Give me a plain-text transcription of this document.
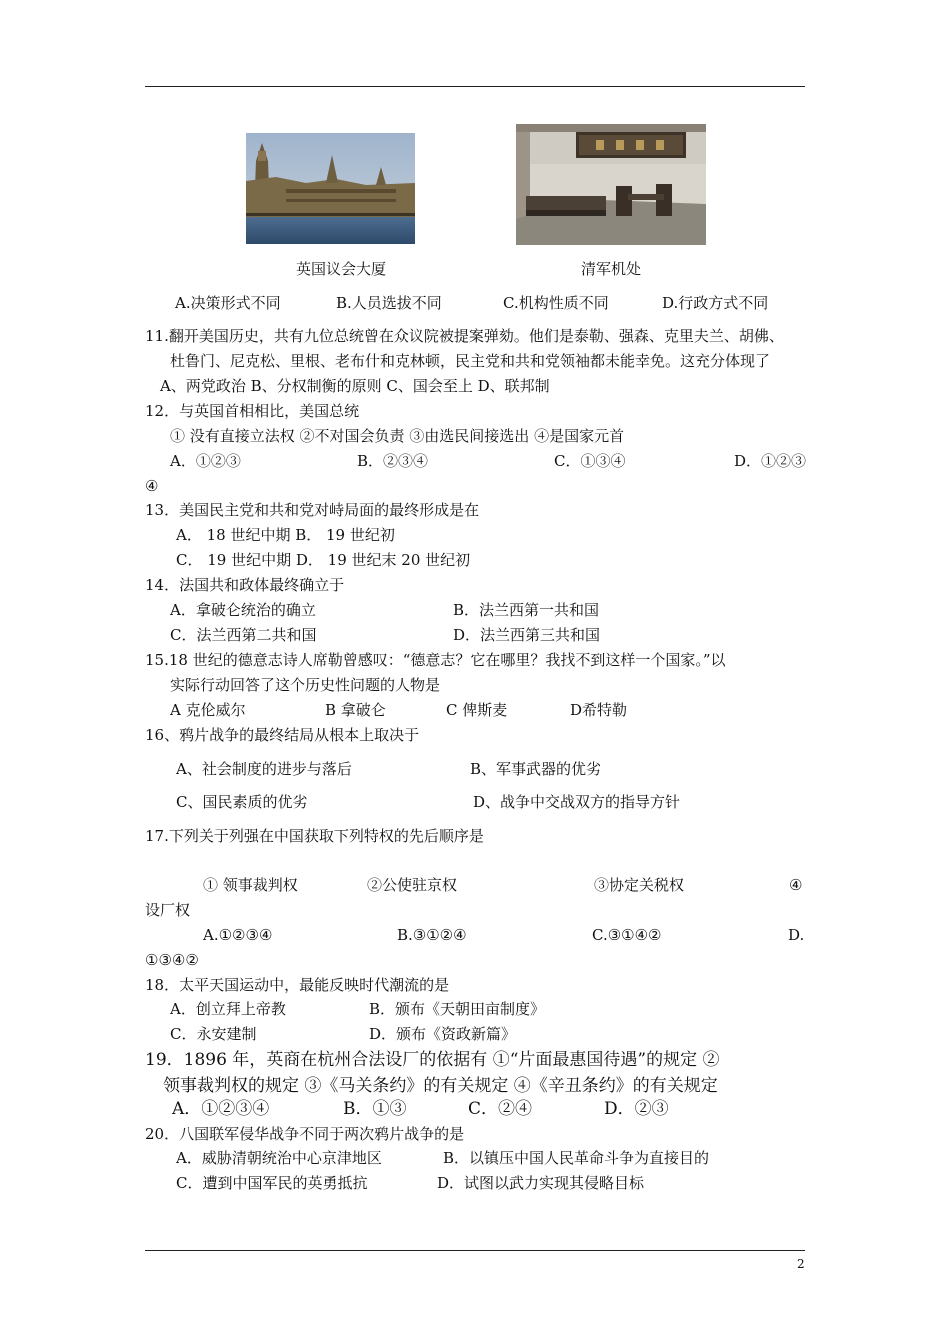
英国议会大厦	清军机处
A.决策形式不同	B.人员选拔不同	C.机构性质不同	D.行政方式不同
11.翻开美国历史，共有九位总统曾在众议院被提案弹劾。他们是泰勒、强森、克里夫兰、胡佛、
杜鲁门、尼克松、里根、老布什和克林顿，民主党和共和党领袖都未能幸免。这充分体现了
A、两党政治 B、分权制衡的原则 C、国会至上 D、联邦制
12．与英国首相相比，美国总统
① 没有直接立法权 ②不对国会负责 ③由选民间接选出 ④是国家元首
A．①②③	B．②③④	C．①③④	D．①②③
④
13．美国民主党和共和党对峙局面的最终形成是在
A． 18 世纪中期 B． 19 世纪初
C． 19 世纪中期 D． 19 世纪末 20 世纪初
14．法国共和政体最终确立于
A．拿破仑统治的确立	B．法兰西第一共和国
C．法兰西第二共和国	D．法兰西第三共和国
15.18 世纪的德意志诗人席勒曾感叹：“德意志？它在哪里？我找不到这样一个国家。”以
实际行动回答了这个历史性问题的人物是
A 克伦威尔	B 拿破仑	C 俾斯麦	D希特勒
16、鸦片战争的最终结局从根本上取决于
A、社会制度的进步与落后	B、军事武器的优劣
C、国民素质的优劣	D、战争中交战双方的指导方针
17.下列关于列强在中国获取下列特权的先后顺序是
① 领事裁判权	②公使驻京权	③协定关税权	④
设厂权
A.①②③④	B.③①②④	C.③①④②	D.
①③④②
18．太平天国运动中，最能反映时代潮流的是
A．创立拜上帝教	B．颁布《天朝田亩制度》
C．永安建制	D．颁布《资政新篇》
19．1896 年，英商在杭州合法设厂的依据有 ①“片面最惠国待遇”的规定 ②
领事裁判权的规定 ③《马关条约》的有关规定 ④《辛丑条约》的有关规定
A．①②③④	B．①③	C．②④	D．②③
20．八国联军侵华战争不同于两次鸦片战争的是
A．威胁清朝统治中心京津地区	B．以镇压中国人民革命斗争为直接目的
C．遭到中国军民的英勇抵抗	D．试图以武力实现其侵略目标
2
